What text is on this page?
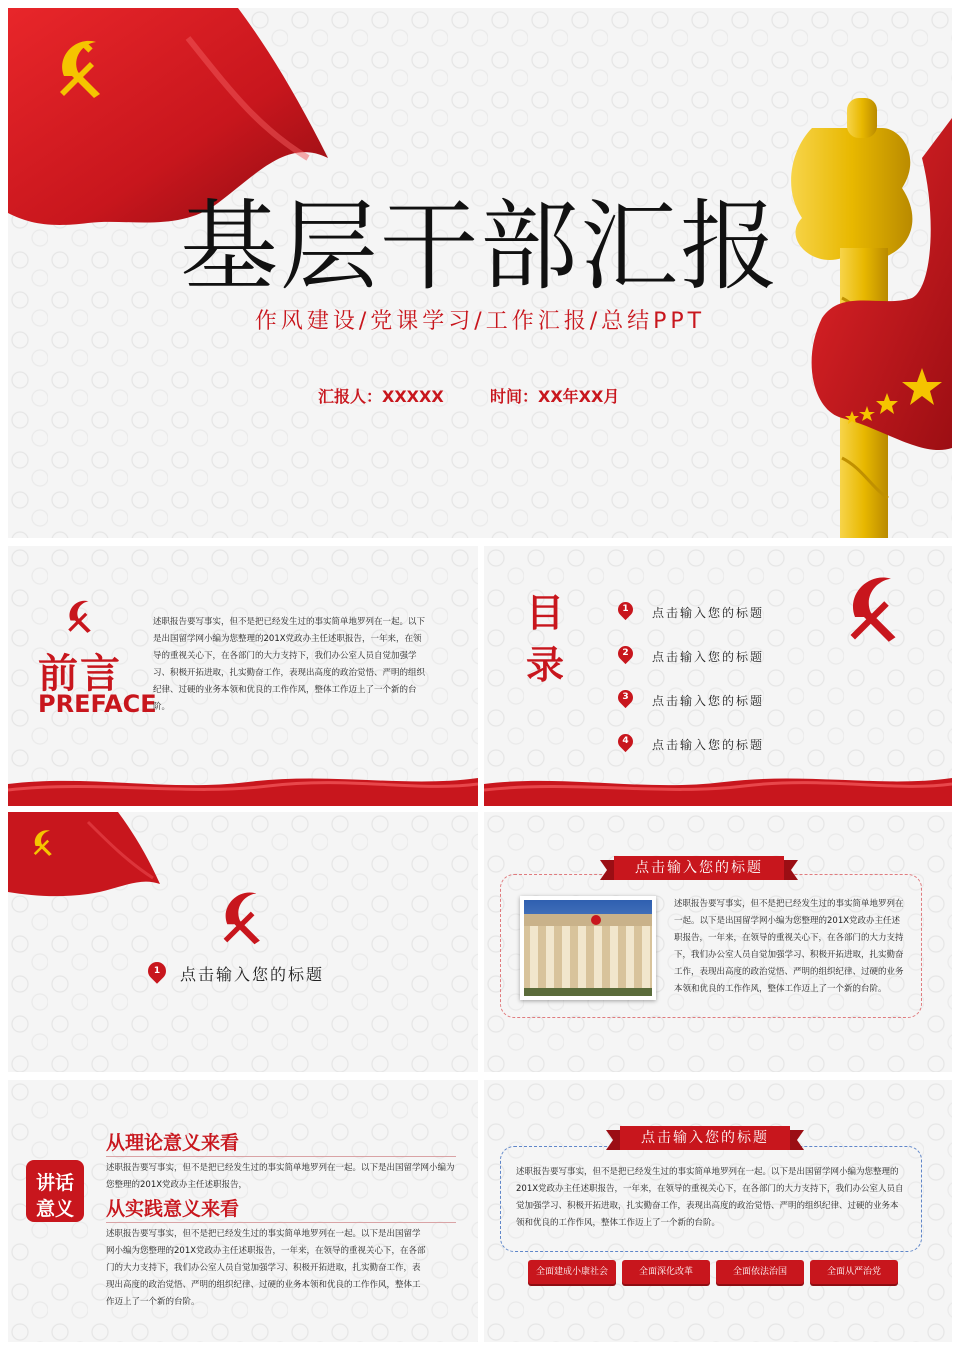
基层干部汇报
作风建设/党课学习/工作汇报/总结PPT
汇报人：XXXXX	时间：XX年XX月
前言
PREFACE
述职报告要写事实，但不是把已经发生过的事实简单地罗列在一起。以下是出国留学网小编为您整理的201X党政办主任述职报告，一年来，在领导的重视关心下，在各部门的大力支持下，我们办公室人员自觉加强学习、积极开拓进取，扎实勤奋工作，表现出高度的政治觉悟、严明的组织纪律、过硬的业务本领和优良的工作作风，整体工作迈上了一个新的台阶。
目
录
1	点击输入您的标题
2	点击输入您的标题
3	点击输入您的标题
4	点击输入您的标题
1	点击输入您的标题
点击输入您的标题
述职报告要写事实，但不是把已经发生过的事实简单地罗列在一起。以下是出国留学网小编为您整理的201X党政办主任述职报告，一年来，在领导的重视关心下，在各部门的大力支持下，我们办公室人员自觉加强学习、积极开拓进取，扎实勤奋工作，表现出高度的政治觉悟、严明的组织纪律、过硬的业务本领和优良的工作作风，整体工作迈上了一个新的台阶。
讲话
意义
从理论意义来看
述职报告要写事实，但不是把已经发生过的事实简单地罗列在一起。以下是出国留学网小编为您整理的201X党政办主任述职报告，
从实践意义来看
述职报告要写事实，但不是把已经发生过的事实简单地罗列在一起。以下是出国留学网小编为您整理的201X党政办主任述职报告，一年来，在领导的重视关心下，在各部门的大力支持下，我们办公室人员自觉加强学习、积极开拓进取，扎实勤奋工作，表现出高度的政治觉悟、严明的组织纪律、过硬的业务本领和优良的工作作风，整体工作迈上了一个新的台阶。
点击输入您的标题
述职报告要写事实，但不是把已经发生过的事实简单地罗列在一起。以下是出国留学网小编为您整理的201X党政办主任述职报告，一年来，在领导的重视关心下，在各部门的大力支持下，我们办公室人员自觉加强学习、积极开拓进取，扎实勤奋工作，表现出高度的政治觉悟、严明的组织纪律、过硬的业务本领和优良的工作作风，整体工作迈上了一个新的台阶。
全面建成小康社会	全面深化改革	全面依法治国	全面从严治党
